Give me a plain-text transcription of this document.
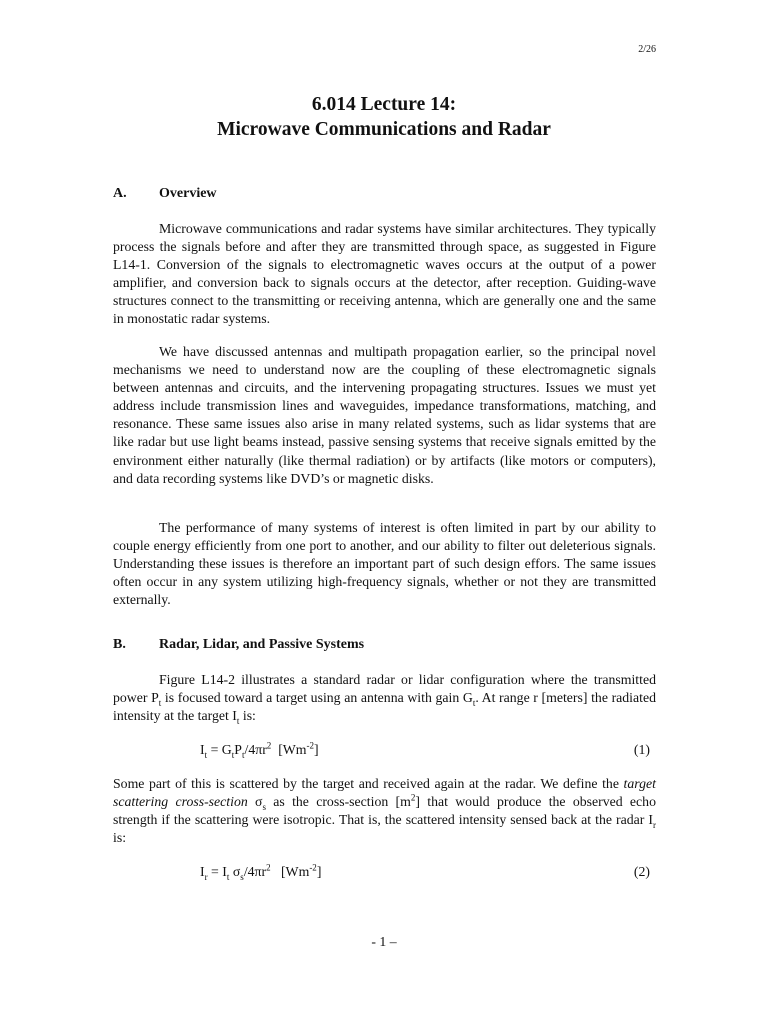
2/26
6.014 Lecture 14:
Microwave Communications and Radar
A. Overview

Microwave communications and radar systems have similar architectures. They typically process the signals before and after they are transmitted through space, as suggested in Figure L14-1. Conversion of the signals to electromagnetic waves occurs at the output of a power amplifier, and conversion back to signals occurs at the detector, after reception. Guiding-wave structures connect to the transmitting or receiving antenna, which are generally one and the same in monostatic radar systems.

We have discussed antennas and multipath propagation earlier, so the principal novel mechanisms we need to understand now are the coupling of these electromagnetic signals between antennas and circuits, and the intervening propagating structures. Issues we must yet address include transmission lines and waveguides, impedance transformations, matching, and resonance. These same issues also arise in many related systems, such as lidar systems that are like radar but use light beams instead, passive sensing systems that receive signals emitted by the environment either naturally (like thermal radiation) or by artifacts (like motors or computers), and data recording systems like DVD’s or magnetic disks.

The performance of many systems of interest is often limited in part by our ability to couple energy efficiently from one port to another, and our ability to filter out deleterious signals. Understanding these issues is therefore an important part of such design effors. The same issues often occur in any system utilizing high-frequency signals, whether or not they are transmitted externally.

B. Radar, Lidar, and Passive Systems

Figure L14-2 illustrates a standard radar or lidar configuration where the transmitted power $P_t$ is focused toward a target using an antenna with gain $G_t$. At range r [meters] the radiated intensity at the target $I_t$ is:

$I_t = G_tP_t/4\pi r^2$  $[Wm^{-2}]$	(1)

Some part of this is scattered by the target and received again at the radar. We define the target scattering cross-section $\sigma_s$ as the cross-section $[m^2]$ that would produce the observed echo strength if the scattering were isotropic. That is, the scattered intensity sensed back at the radar $I_r$ is:

$I_r = I_t$ $\sigma_s/4\pi r^2$   $[Wm^{-2}]$	(2)
- 1 –
